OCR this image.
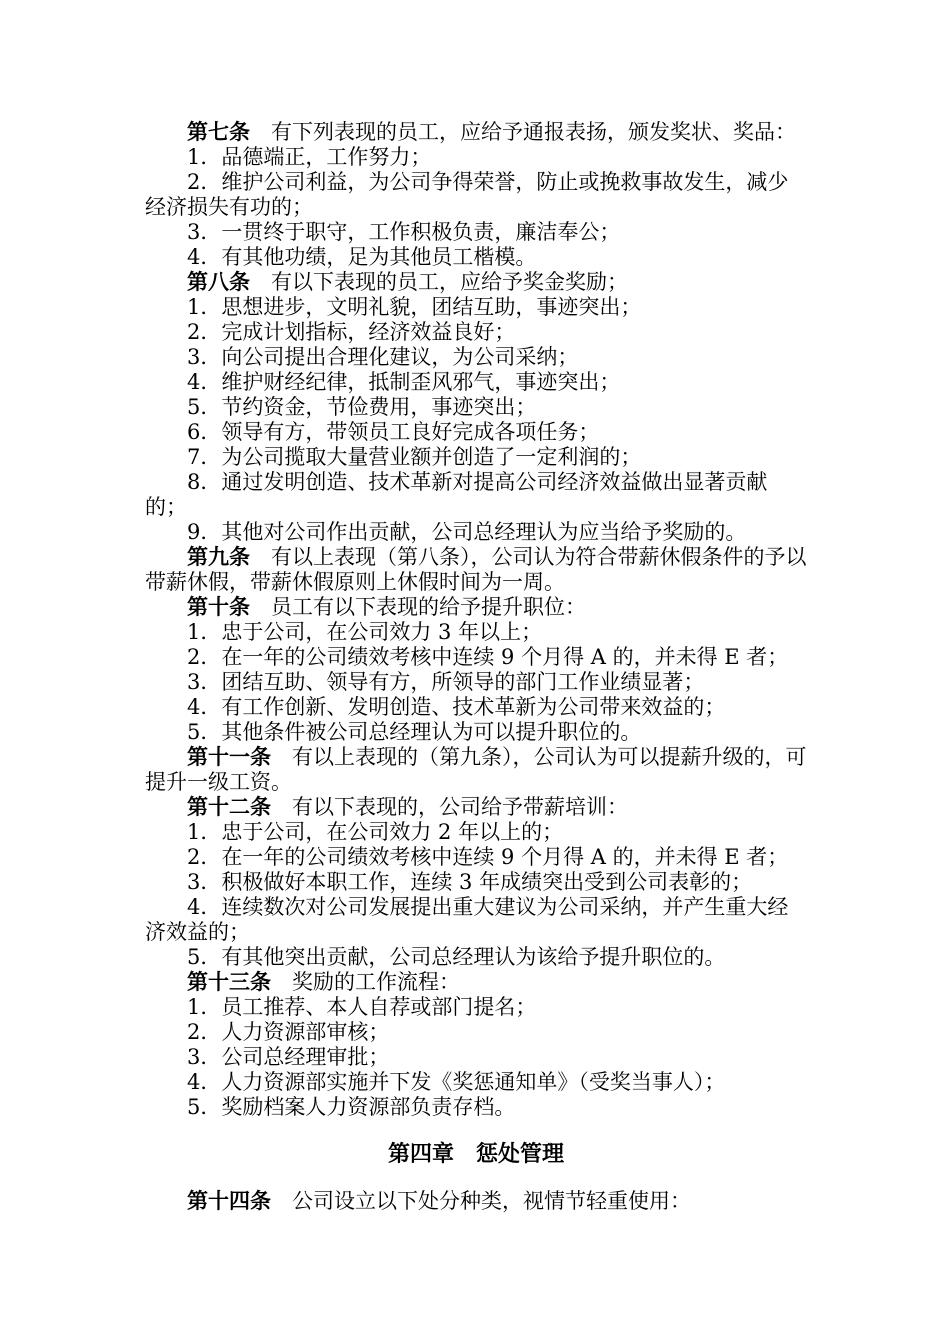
第七条 有下列表现的员工，应给予通报表扬，颁发奖状、奖品：

1．品德端正，工作努力；

2．维护公司利益，为公司争得荣誉，防止或挽救事故发生，减少经济损失有功的；

3．一贯终于职守，工作积极负责，廉洁奉公；

4．有其他功绩，足为其他员工楷模。

第八条 有以下表现的员工，应给予奖金奖励；

1．思想进步，文明礼貌，团结互助，事迹突出；

2．完成计划指标，经济效益良好；

3．向公司提出合理化建议，为公司采纳；

4．维护财经纪律，抵制歪风邪气，事迹突出；

5．节约资金，节俭费用，事迹突出；

6．领导有方，带领员工良好完成各项任务；

7．为公司揽取大量营业额并创造了一定利润的；

8．通过发明创造、技术革新对提高公司经济效益做出显著贡献的；

9．其他对公司作出贡献，公司总经理认为应当给予奖励的。

第九条 有以上表现（第八条），公司认为符合带薪休假条件的予以带薪休假，带薪休假原则上休假时间为一周。

第十条 员工有以下表现的给予提升职位：

1．忠于公司，在公司效力 3 年以上；

2．在一年的公司绩效考核中连续 9 个月得 A 的，并未得 E 者；

3．团结互助、领导有方，所领导的部门工作业绩显著；

4．有工作创新、发明创造、技术革新为公司带来效益的；

5．其他条件被公司总经理认为可以提升职位的。

第十一条 有以上表现的（第九条），公司认为可以提薪升级的，可提升一级工资。

第十二条 有以下表现的，公司给予带薪培训：

1．忠于公司，在公司效力 2 年以上的；

2．在一年的公司绩效考核中连续 9 个月得 A 的，并未得 E 者；

3．积极做好本职工作，连续 3 年成绩突出受到公司表彰的；

4．连续数次对公司发展提出重大建议为公司采纳，并产生重大经济效益的；

5．有其他突出贡献，公司总经理认为该给予提升职位的。

第十三条 奖励的工作流程：

1．员工推荐、本人自荐或部门提名；

2．人力资源部审核；

3．公司总经理审批；

4．人力资源部实施并下发《奖惩通知单》（受奖当事人）；

5．奖励档案人力资源部负责存档。

第四章　惩处管理

第十四条 公司设立以下处分种类，视情节轻重使用：
